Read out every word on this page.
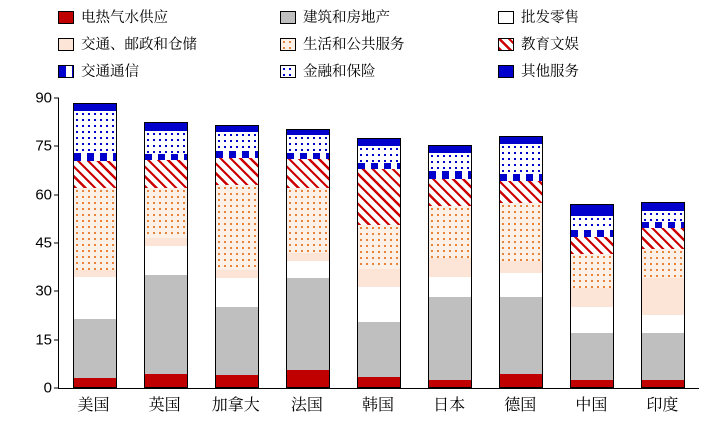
电热气水供应	建筑和房地产	批发零售
交通、邮政和仓储	生活和公共服务	教育文娱
交通通信	金融和保险	其他服务
0
15
30
45
60
75
90
美国	英国	加拿大	法国	韩国	日本	德国	中国	印度
